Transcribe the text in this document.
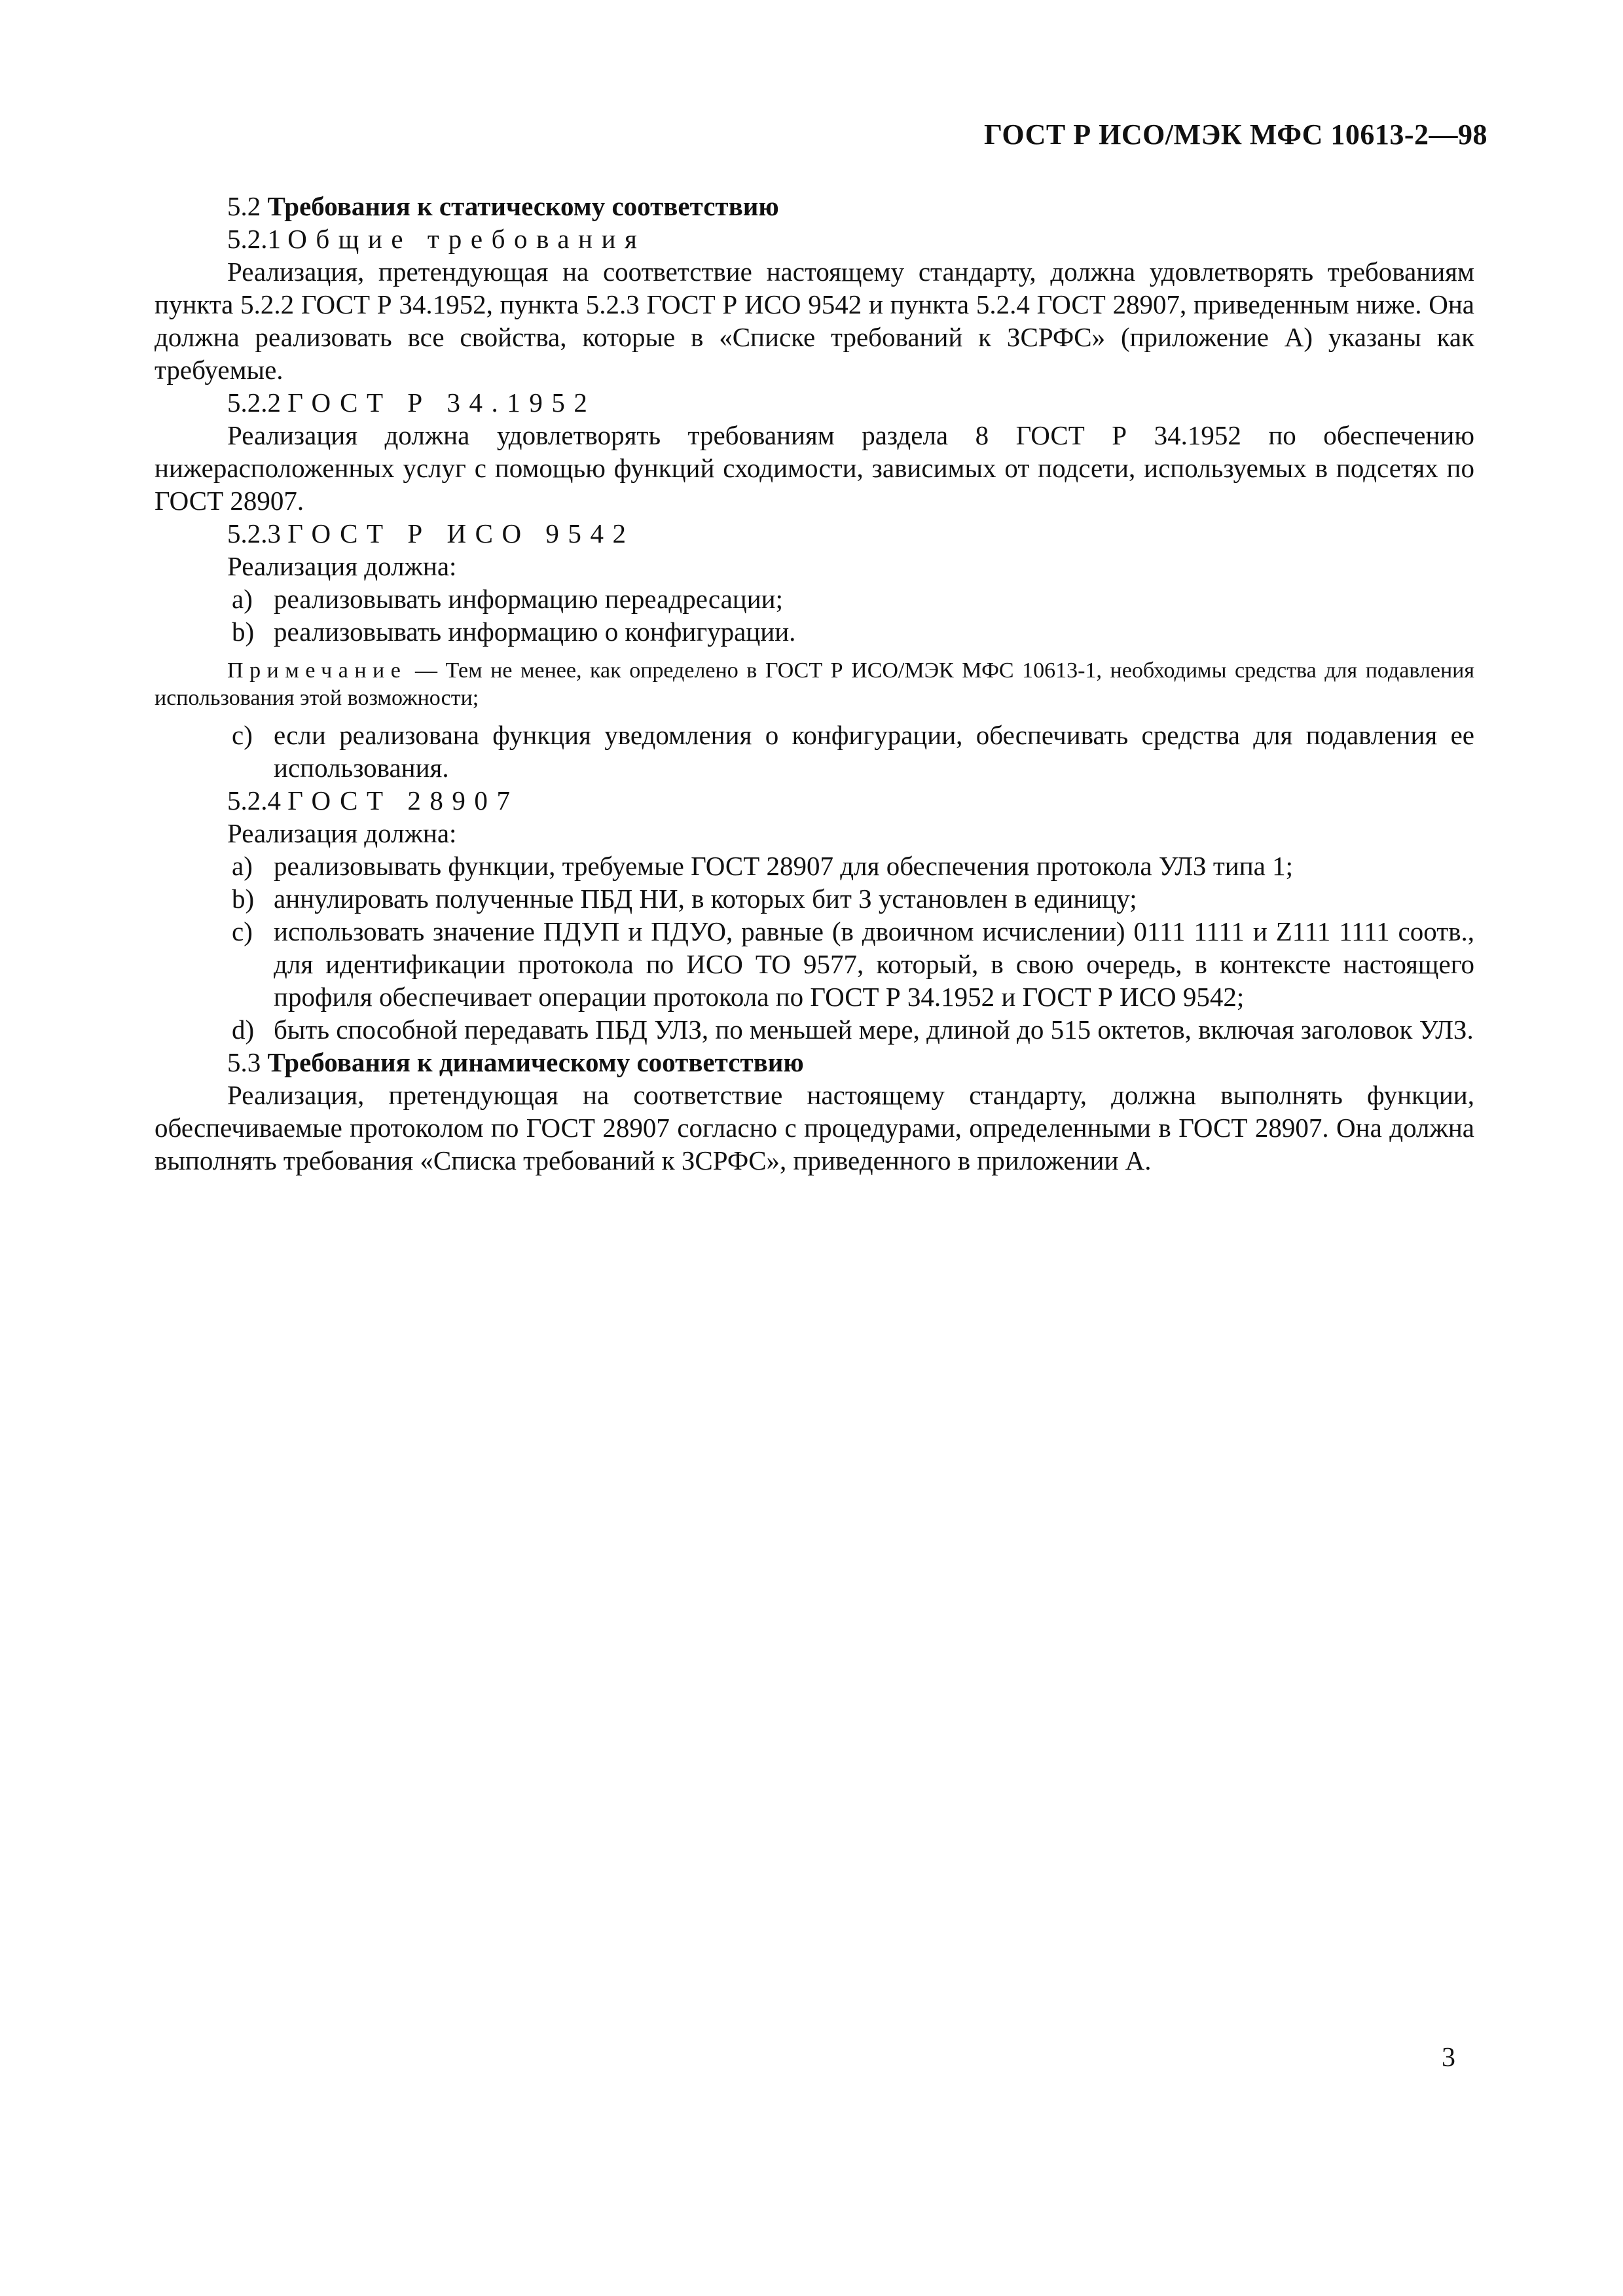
ГОСТ Р ИСО/МЭК МФС 10613-2—98
5.2 Требования к статическому соответствию
5.2.1 Общие требования
Реализация, претендующая на соответствие настоящему стандарту, должна удовлетворять требованиям пункта 5.2.2 ГОСТ Р 34.1952, пункта 5.2.3 ГОСТ Р ИСО 9542 и пункта 5.2.4 ГОСТ 28907, приведенным ниже. Она должна реализовать все свойства, которые в «Списке требований к ЗСРФС» (приложение А) указаны как требуемые.
5.2.2 ГОСТ Р 34.1952
Реализация должна удовлетворять требованиям раздела 8 ГОСТ Р 34.1952 по обеспечению нижерасположенных услуг с помощью функций сходимости, зависимых от подсети, используемых в подсетях по ГОСТ 28907.
5.2.3 ГОСТ Р ИСО 9542
Реализация должна:
a) реализовывать информацию переадресации;
b) реализовывать информацию о конфигурации.
Примечание — Тем не менее, как определено в ГОСТ Р ИСО/МЭК МФС 10613-1, необходимы средства для подавления использования этой возможности;
c) если реализована функция уведомления о конфигурации, обеспечивать средства для подавления ее использования.
5.2.4 ГОСТ 28907
Реализация должна:
a) реализовывать функции, требуемые ГОСТ 28907 для обеспечения протокола УЛЗ типа 1;
b) аннулировать полученные ПБД НИ, в которых бит З установлен в единицу;
c) использовать значение ПДУП и ПДУО, равные (в двоичном исчислении) 0111 1111 и Z111 1111 соотв., для идентификации протокола по ИСО ТО 9577, который, в свою очередь, в контексте настоящего профиля обеспечивает операции протокола по ГОСТ Р 34.1952 и ГОСТ Р ИСО 9542;
d) быть способной передавать ПБД УЛЗ, по меньшей мере, длиной до 515 октетов, включая заголовок УЛЗ.
5.3 Требования к динамическому соответствию
Реализация, претендующая на соответствие настоящему стандарту, должна выполнять функции, обеспечиваемые протоколом по ГОСТ 28907 согласно с процедурами, определенными в ГОСТ 28907. Она должна выполнять требования «Списка требований к ЗСРФС», приведенного в приложении А.
3
